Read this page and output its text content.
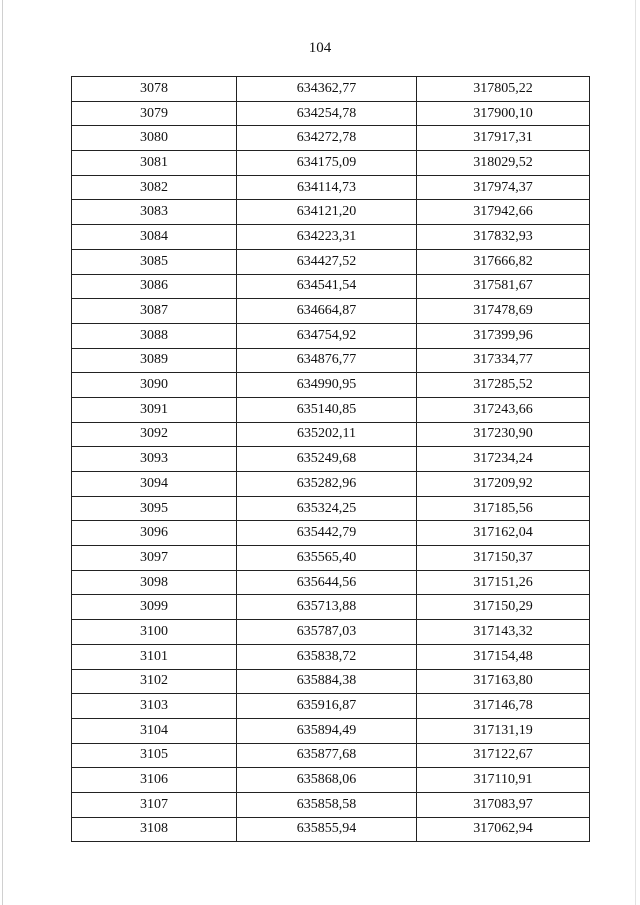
104
3078	634362,77	317805,22
3079	634254,78	317900,10
3080	634272,78	317917,31
3081	634175,09	318029,52
3082	634114,73	317974,37
3083	634121,20	317942,66
3084	634223,31	317832,93
3085	634427,52	317666,82
3086	634541,54	317581,67
3087	634664,87	317478,69
3088	634754,92	317399,96
3089	634876,77	317334,77
3090	634990,95	317285,52
3091	635140,85	317243,66
3092	635202,11	317230,90
3093	635249,68	317234,24
3094	635282,96	317209,92
3095	635324,25	317185,56
3096	635442,79	317162,04
3097	635565,40	317150,37
3098	635644,56	317151,26
3099	635713,88	317150,29
3100	635787,03	317143,32
3101	635838,72	317154,48
3102	635884,38	317163,80
3103	635916,87	317146,78
3104	635894,49	317131,19
3105	635877,68	317122,67
3106	635868,06	317110,91
3107	635858,58	317083,97
3108	635855,94	317062,94
